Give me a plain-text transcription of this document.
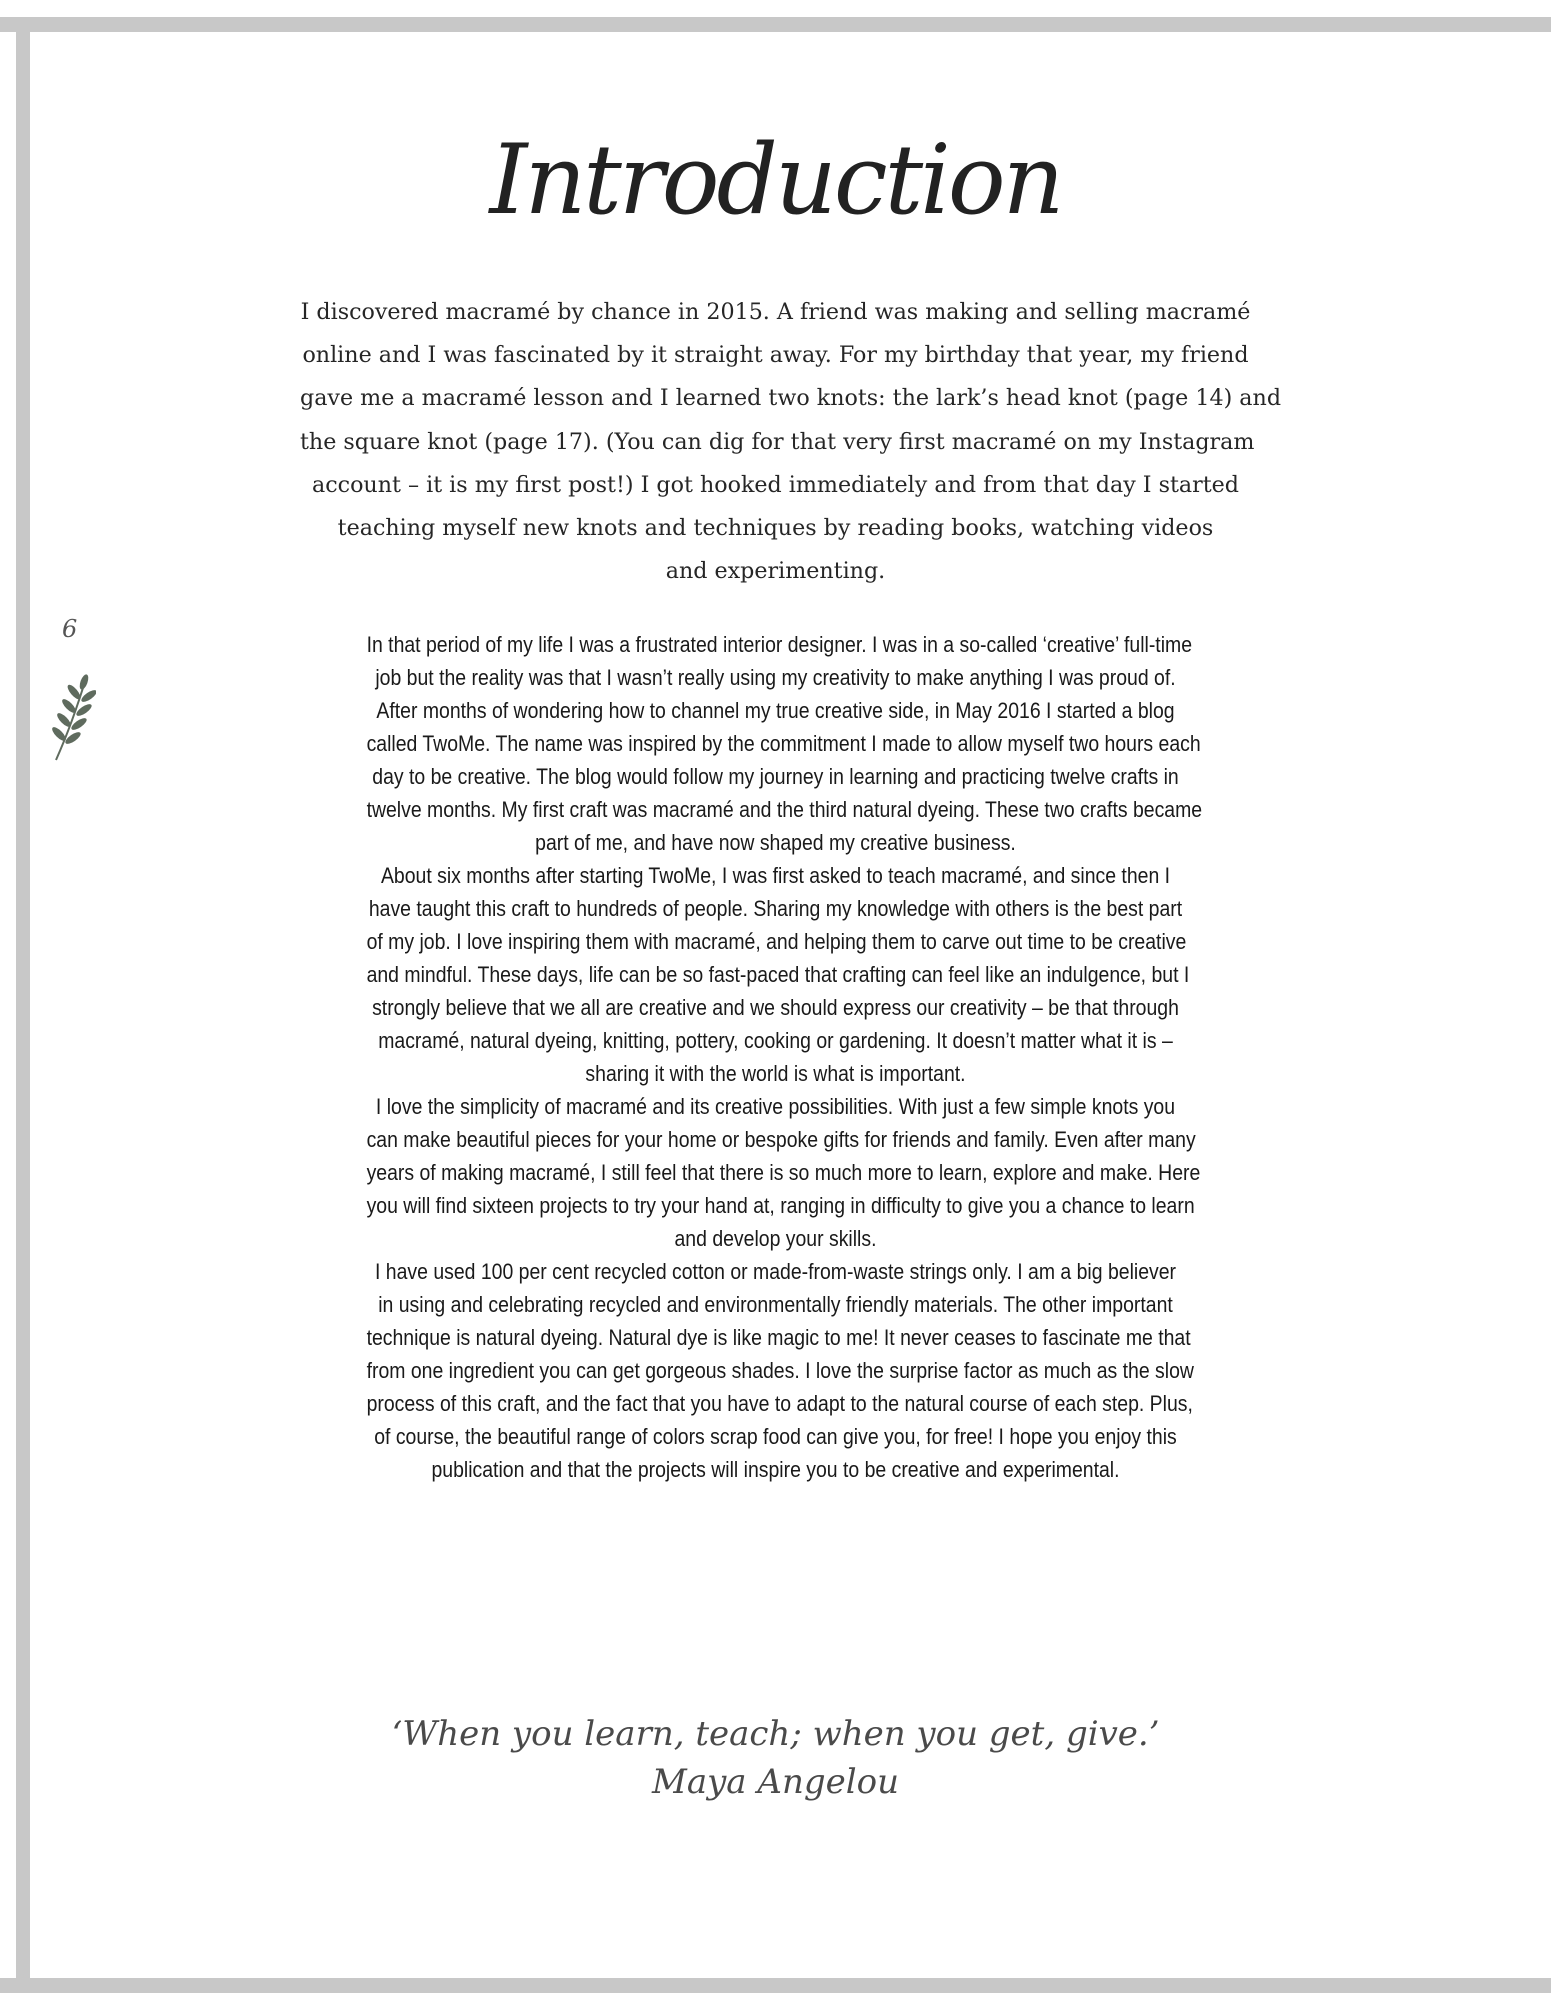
Introduction

I discovered macramé by chance in 2015. A friend was making and selling macramé
online and I was fascinated by it straight away. For my birthday that year, my friend
gave me a macramé lesson and I learned two knots: the lark’s head knot (page 14) and
the square knot (page 17). (You can dig for that very first macramé on my Instagram
account – it is my first post!) I got hooked immediately and from that day I started
teaching myself new knots and techniques by reading books, watching videos
and experimenting.

6
In that period of my life I was a frustrated interior designer. I was in a so-called ‘creative’ full-time
job but the reality was that I wasn’t really using my creativity to make anything I was proud of.
After months of wondering how to channel my true creative side, in May 2016 I started a blog
called TwoMe. The name was inspired by the commitment I made to allow myself two hours each
day to be creative. The blog would follow my journey in learning and practicing twelve crafts in
twelve months. My first craft was macramé and the third natural dyeing. These two crafts became
part of me, and have now shaped my creative business.
About six months after starting TwoMe, I was first asked to teach macramé, and since then I
have taught this craft to hundreds of people. Sharing my knowledge with others is the best part
of my job. I love inspiring them with macramé, and helping them to carve out time to be creative
and mindful. These days, life can be so fast-paced that crafting can feel like an indulgence, but I
strongly believe that we all are creative and we should express our creativity – be that through
macramé, natural dyeing, knitting, pottery, cooking or gardening. It doesn’t matter what it is –
sharing it with the world is what is important.
I love the simplicity of macramé and its creative possibilities. With just a few simple knots you
can make beautiful pieces for your home or bespoke gifts for friends and family. Even after many
years of making macramé, I still feel that there is so much more to learn, explore and make. Here
you will find sixteen projects to try your hand at, ranging in difficulty to give you a chance to learn
and develop your skills.
I have used 100 per cent recycled cotton or made-from-waste strings only. I am a big believer
in using and celebrating recycled and environmentally friendly materials. The other important
technique is natural dyeing. Natural dye is like magic to me! It never ceases to fascinate me that
from one ingredient you can get gorgeous shades. I love the surprise factor as much as the slow
process of this craft, and the fact that you have to adapt to the natural course of each step. Plus,
of course, the beautiful range of colors scrap food can give you, for free! I hope you enjoy this
publication and that the projects will inspire you to be creative and experimental.

‘When you learn, teach; when you get, give.’
Maya Angelou
